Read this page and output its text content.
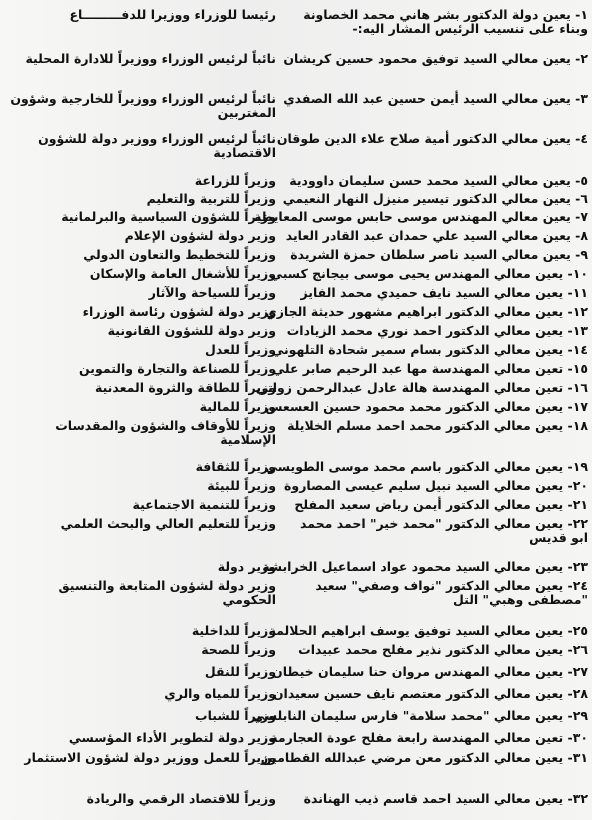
١- يعين دولة الدكتور بشر هاني محمد الخصاونة وبناء على تنسيب الرئيس المشار اليه:-
رئيسا للوزراء ووزيرا للدفـــــــــاع
٢- يعين معالي السيد توفيق محمود حسين كريشان
نائباً لرئيس الوزراء ووزيراً للادارة المحلية
٣- يعين معالي السيد أيمن حسين عبد الله الصفدي
نائباً لرئيس الوزراء ووزيراً للخارجية وشؤون المغتربين
٤- يعين معالي الدكتور أمية صلاح علاء الدين طوقان
نائباً لرئيس الوزراء ووزير دولة للشؤون الاقتصادية
٥- يعين معالي السيد محمد حسن سليمان داوودية
وزيراً للزراعة
٦- يعين معالي الدكتور تيسير منيزل النهار النعيمي
وزيراً للتربية والتعليم
٧- يعين معالي المهندس موسى حابس موسى المعايطة
وزيراً للشؤون السياسية والبرلمانية
٨- يعين معالي السيد علي حمدان عبد القادر العايد
وزير دولة لشؤون الإعلام
٩- يعين معالي السيد ناصر سلطان حمزة الشريدة
وزيراً للتخطيط والتعاون الدولي
١٠- يعين معالي المهندس يحيى موسى بيجانج كسبي
وزيراً للأشغال العامة والإسكان
١١- يعين معالي السيد نايف حميدي محمد الفايز
وزيراً للسياحة والآثار
١٢- يعين معالي الدكتور ابراهيم مشهور حديثة الجازي
وزير دولة لشؤون رئاسة الوزراء
١٣- يعين معالي الدكتور احمد نوري محمد الزيادات
وزير دولة للشؤون القانونية
١٤- يعين معالي الدكتور بسام سمير شحادة التلهوني
وزيراً للعدل
١٥- تعين معالي المهندسة مها عبد الرحيم صابر علي
وزيراً للصناعة والتجارة والتموين
١٦- تعين معالي المهندسة هالة عادل عبدالرحمن زواتي
وزيراً للطاقة والثروة المعدنية
١٧- يعين معالي الدكتور محمد محمود حسين العسعس
وزيراً للمالية
١٨- يعين معالي الدكتور محمد احمد مسلم الخلايلة
وزيراً للأوقاف والشؤون والمقدسات الإسلامية
١٩- يعين معالي الدكتور باسم محمد موسى الطويسي
وزيراً للثقافة
٢٠- يعين معالي السيد نبيل سليم عيسى المصاروة
وزيراً للبيئة
٢١- يعين معالي الدكتور أيمن رياض سعيد المفلح
وزيراً للتنمية الاجتماعية
٢٢- يعين معالي الدكتور "محمد خير" احمد محمد ابو قديس
وزيراً للتعليم العالي والبحث العلمي
٢٣- يعين معالي السيد محمود عواد اسماعيل الخرابشة
وزير دولة
٢٤- يعين معالي الدكتور "نواف وصفي" سعيد "مصطفى وهبي" التل
وزير دولة لشؤون المتابعة والتنسيق الحكومي
٢٥- يعين معالي السيد توفيق يوسف ابراهيم الحلالمة
وزيراً للداخلية
٢٦- يعين معالي الدكتور نذير مفلح محمد عبيدات
وزيراً للصحة
٢٧- يعين معالي المهندس مروان حنا سليمان خيطان
وزيراً للنقل
٢٨- يعين معالي الدكتور معتصم نايف حسين سعيدان
وزيراً للمياه والري
٢٩- يعين معالي "محمد سلامة" فارس سليمان النابلسي
وزيراً للشباب
٣٠- تعين معالي المهندسة رابعة مفلح عودة العجارمة
وزير دولة لتطوير الأداء المؤسسي
٣١- يعين معالي الدكتور معن مرضي عبدالله القطامين
وزيراً للعمل ووزير دولة لشؤون الاستثمار
٣٢- يعين معالي السيد احمد قاسم ذيب الهناندة
وزيراً للاقتصاد الرقمي والريادة
